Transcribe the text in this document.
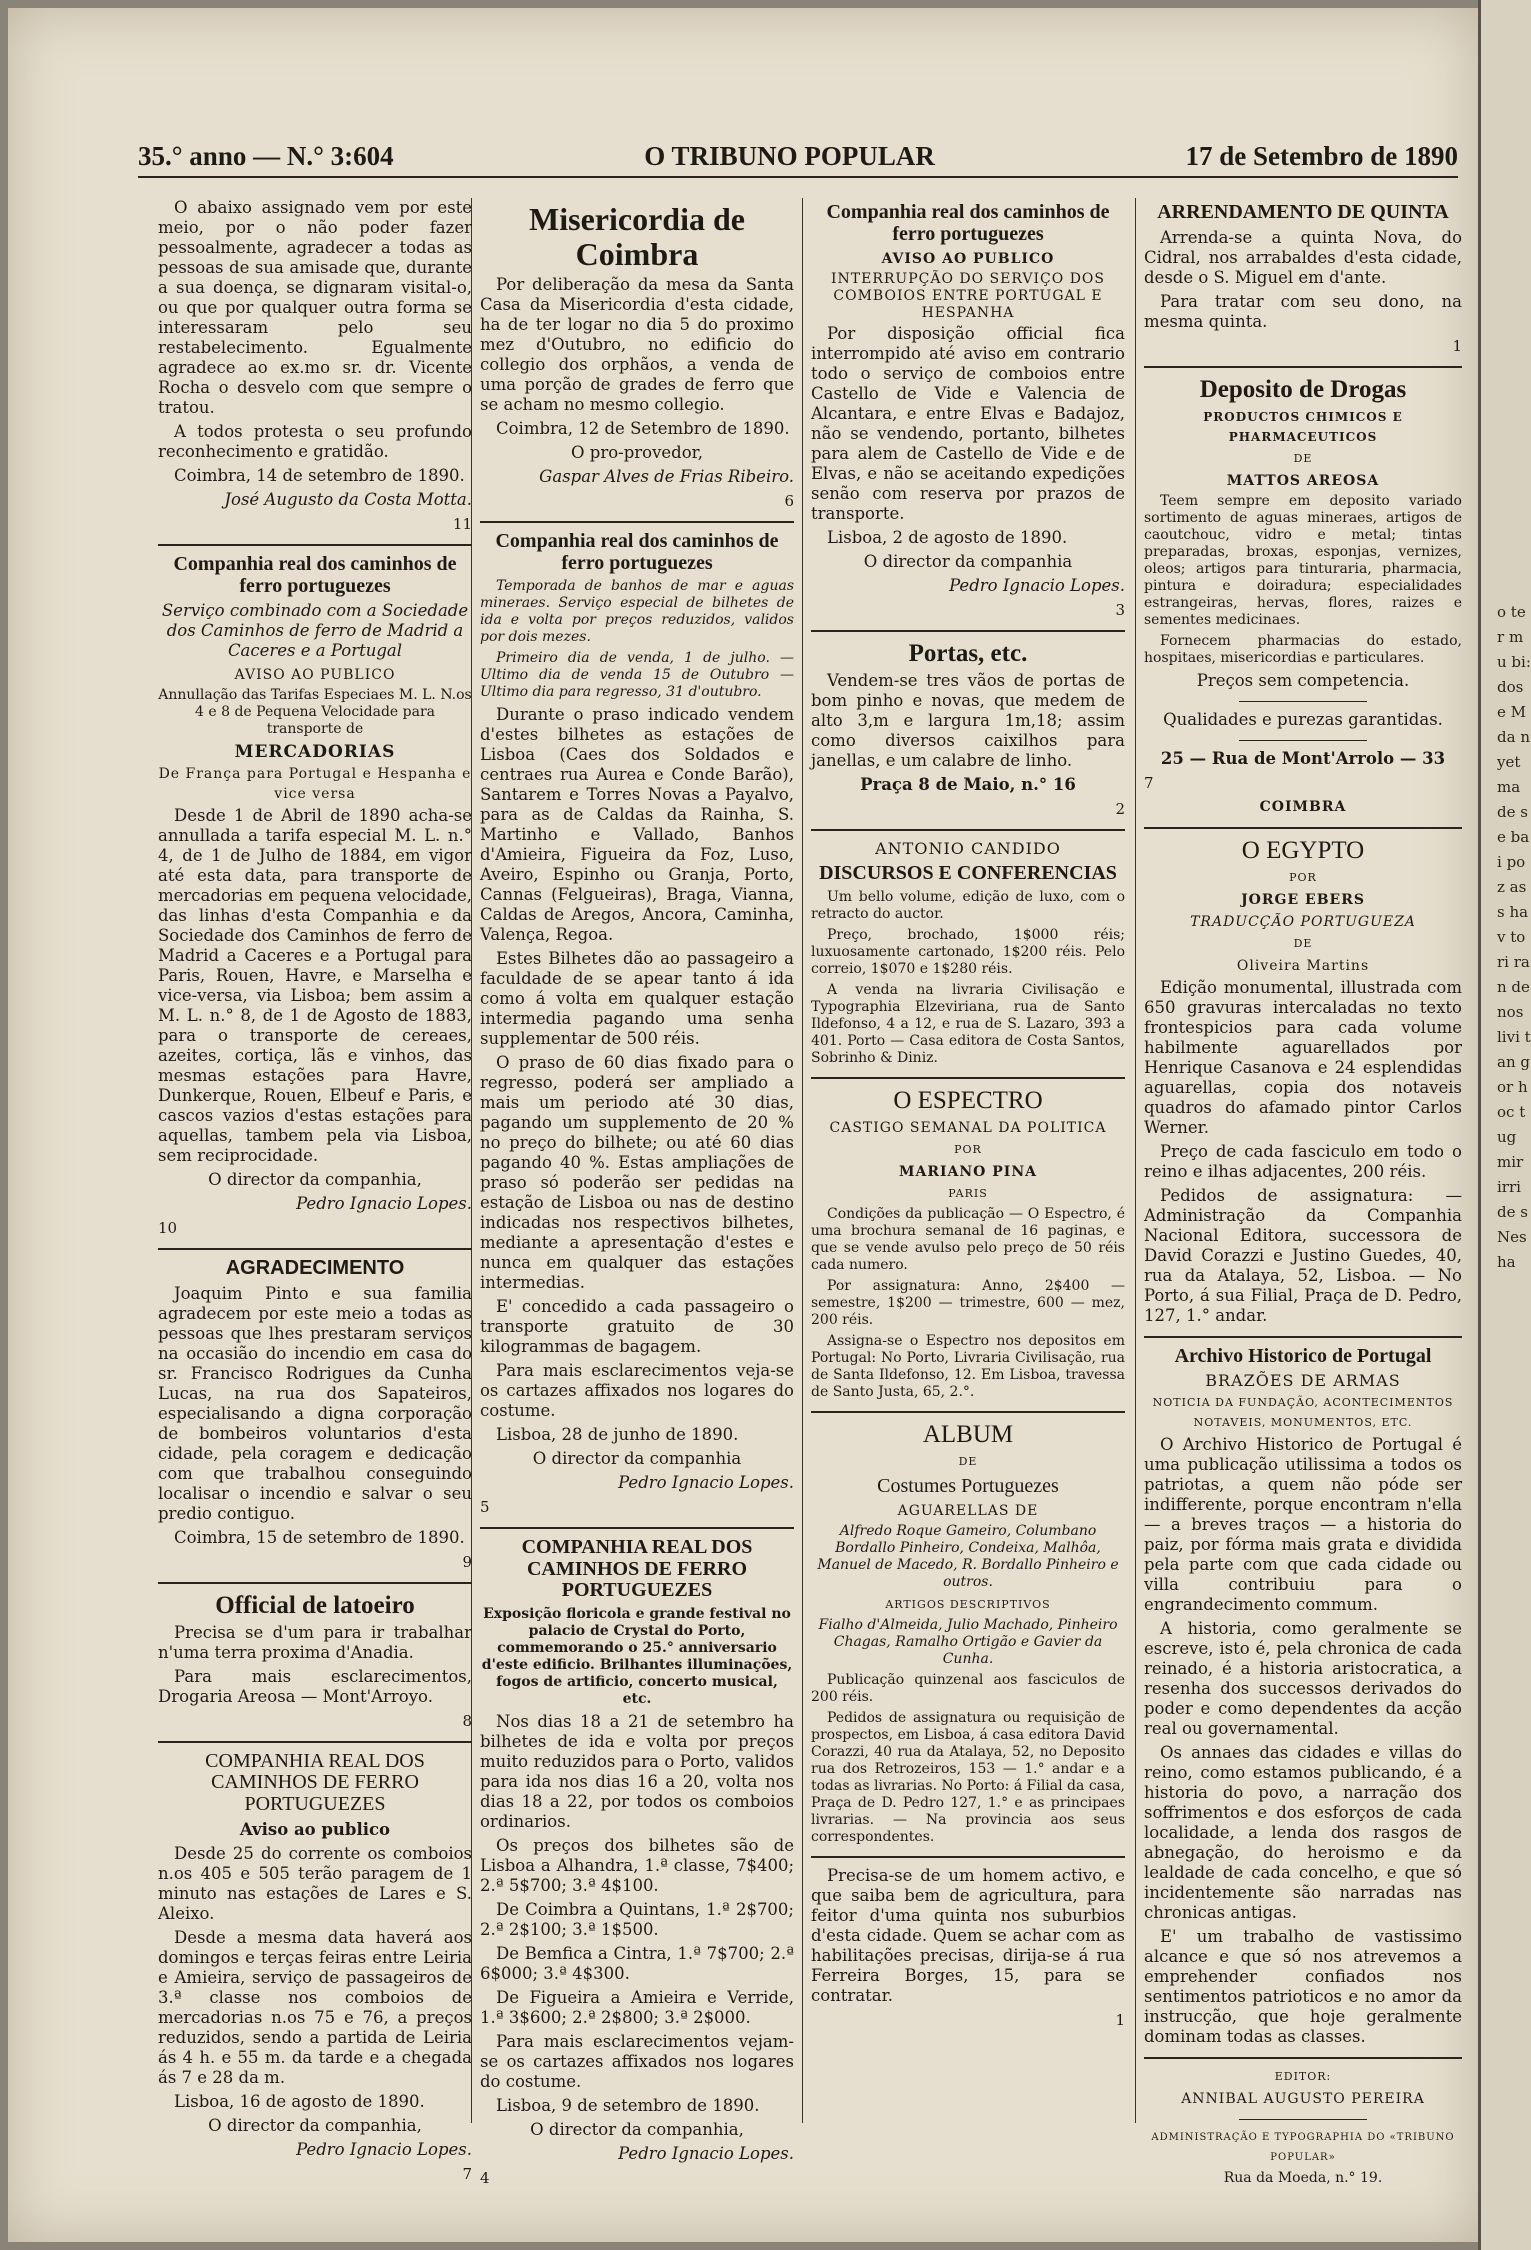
35.° anno — N.° 3:604	O TRIBUNO POPULAR	17 de Setembro de 1890

O abaixo assignado vem por este meio, por o não poder fazer pessoalmente, agradecer a todas as pessoas de sua amisade que, durante a sua doença, se dignaram visital-o, ou que por qualquer outra forma se interessaram pelo seu restabelecimento. Egualmente agradece ao ex.mo sr. dr. Vicente Rocha o desvelo com que sempre o tratou.

A todos protesta o seu profundo reconhecimento e gratidão.

Coimbra, 14 de setembro de 1890.

José Augusto da Costa Motta.

11

Companhia real dos caminhos de ferro portuguezes

Serviço combinado com a Sociedade dos Caminhos de ferro de Madrid a Caceres e a Portugal

AVISO AO PUBLICO

Annullação das Tarifas Especiaes M. L. N.os 4 e 8 de Pequena Velocidade para transporte de

MERCADORIAS

De França para Portugal e Hespanha e vice versa

Desde 1 de Abril de 1890 acha-se annullada a tarifa especial M. L. n.° 4, de 1 de Julho de 1884, em vigor até esta data, para transporte de mercadorias em pequena velocidade, das linhas d'esta Companhia e da Sociedade dos Caminhos de ferro de Madrid a Caceres e a Portugal para Paris, Rouen, Havre, e Marselha e vice-versa, via Lisboa; bem assim a M. L. n.° 8, de 1 de Agosto de 1883, para o transporte de cereaes, azeites, cortiça, lãs e vinhos, das mesmas estações para Havre, Dunkerque, Rouen, Elbeuf e Paris, e cascos vazios d'estas estações para aquellas, tambem pela via Lisboa, sem reciprocidade.

O director da companhia,

Pedro Ignacio Lopes.

10

AGRADECIMENTO

Joaquim Pinto e sua familia agradecem por este meio a todas as pessoas que lhes prestaram serviços na occasião do incendio em casa do sr. Francisco Rodrigues da Cunha Lucas, na rua dos Sapateiros, especialisando a digna corporação de bombeiros voluntarios d'esta cidade, pela coragem e dedicação com que trabalhou conseguindo localisar o incendio e salvar o seu predio contiguo.

Coimbra, 15 de setembro de 1890.

9

Official de latoeiro

Precisa se d'um para ir trabalhar n'uma terra proxima d'Anadia.

Para mais esclarecimentos, Drogaria Areosa — Mont'Arroyo.

8

COMPANHIA REAL DOS CAMINHOS DE FERRO PORTUGUEZES

Aviso ao publico

Desde 25 do corrente os comboios n.os 405 e 505 terão paragem de 1 minuto nas estações de Lares e S. Aleixo.

Desde a mesma data haverá aos domingos e terças feiras entre Leiria e Amieira, serviço de passageiros de 3.ª classe nos comboios de mercadorias n.os 75 e 76, a preços reduzidos, sendo a partida de Leiria ás 4 h. e 55 m. da tarde e a chegada ás 7 e 28 da m.

Lisboa, 16 de agosto de 1890.

O director da companhia,

Pedro Ignacio Lopes.

7

Misericordia de Coimbra

Por deliberação da mesa da Santa Casa da Misericordia d'esta cidade, ha de ter logar no dia 5 do proximo mez d'Outubro, no edificio do collegio dos orphãos, a venda de uma porção de grades de ferro que se acham no mesmo collegio.

Coimbra, 12 de Setembro de 1890.

O pro-provedor,

Gaspar Alves de Frias Ribeiro.

6

Companhia real dos caminhos de ferro portuguezes

Temporada de banhos de mar e aguas mineraes. Serviço especial de bilhetes de ida e volta por preços reduzidos, validos por dois mezes.

Primeiro dia de venda, 1 de julho. — Ultimo dia de venda 15 de Outubro — Ultimo dia para regresso, 31 d'outubro.

Durante o praso indicado vendem d'estes bilhetes as estações de Lisboa (Caes dos Soldados e centraes rua Aurea e Conde Barão), Santarem e Torres Novas a Payalvo, para as de Caldas da Rainha, S. Martinho e Vallado, Banhos d'Amieira, Figueira da Foz, Luso, Aveiro, Espinho ou Granja, Porto, Cannas (Felgueiras), Braga, Vianna, Caldas de Aregos, Ancora, Caminha, Valença, Regoa.

Estes Bilhetes dão ao passageiro a faculdade de se apear tanto á ida como á volta em qualquer estação intermedia pagando uma senha supplementar de 500 réis.

O praso de 60 dias fixado para o regresso, poderá ser ampliado a mais um periodo até 30 dias, pagando um supplemento de 20 % no preço do bilhete; ou até 60 dias pagando 40 %. Estas ampliações de praso só poderão ser pedidas na estação de Lisboa ou nas de destino indicadas nos respectivos bilhetes, mediante a apresentação d'estes e nunca em qualquer das estações intermedias.

E' concedido a cada passageiro o transporte gratuito de 30 kilogrammas de bagagem.

Para mais esclarecimentos veja-se os cartazes affixados nos logares do costume.

Lisboa, 28 de junho de 1890.

O director da companhia

Pedro Ignacio Lopes.

5

COMPANHIA REAL DOS CAMINHOS DE FERRO PORTUGUEZES

Exposição floricola e grande festival no palacio de Crystal do Porto, commemorando o 25.° anniversario d'este edificio. Brilhantes illuminações, fogos de artificio, concerto musical, etc.

Nos dias 18 a 21 de setembro ha bilhetes de ida e volta por preços muito reduzidos para o Porto, validos para ida nos dias 16 a 20, volta nos dias 18 a 22, por todos os comboios ordinarios.

Os preços dos bilhetes são de Lisboa a Alhandra, 1.ª classe, 7$400; 2.ª 5$700; 3.ª 4$100.

De Coimbra a Quintans, 1.ª 2$700; 2.ª 2$100; 3.ª 1$500.

De Bemfica a Cintra, 1.ª 7$700; 2.ª 6$000; 3.ª 4$300.

De Figueira a Amieira e Verride, 1.ª 3$600; 2.ª 2$800; 3.ª 2$000.

Para mais esclarecimentos vejam-se os cartazes affixados nos logares do costume.

Lisboa, 9 de setembro de 1890.

O director da companhia,

Pedro Ignacio Lopes.

4

Companhia real dos caminhos de ferro portuguezes

AVISO AO PUBLICO

INTERRUPÇÃO DO SERVIÇO DOS COMBOIOS ENTRE PORTUGAL E HESPANHA

Por disposição official fica interrompido até aviso em contrario todo o serviço de comboios entre Castello de Vide e Valencia de Alcantara, e entre Elvas e Badajoz, não se vendendo, portanto, bilhetes para alem de Castello de Vide e de Elvas, e não se aceitando expedições senão com reserva por prazos de transporte.

Lisboa, 2 de agosto de 1890.

O director da companhia

Pedro Ignacio Lopes.

3

Portas, etc.

Vendem-se tres vãos de portas de bom pinho e novas, que medem de alto 3,m e largura 1m,18; assim como diversos caixilhos para janellas, e um calabre de linho.

Praça 8 de Maio, n.° 16

2

ANTONIO CANDIDO

DISCURSOS E CONFERENCIAS

Um bello volume, edição de luxo, com o retracto do auctor.

Preço, brochado, 1$000 réis; luxuosamente cartonado, 1$200 réis. Pelo correio, 1$070 e 1$280 réis.

A venda na livraria Civilisação e Typographia Elzeviriana, rua de Santo Ildefonso, 4 a 12, e rua de S. Lazaro, 393 a 401. Porto — Casa editora de Costa Santos, Sobrinho & Diniz.

O ESPECTRO

CASTIGO SEMANAL DA POLITICA

POR

MARIANO PINA

PARIS

Condições da publicação — O Espectro, é uma brochura semanal de 16 paginas, e que se vende avulso pelo preço de 50 réis cada numero.

Por assignatura: Anno, 2$400 — semestre, 1$200 — trimestre, 600 — mez, 200 réis.

Assigna-se o Espectro nos depositos em Portugal: No Porto, Livraria Civilisação, rua de Santa Ildefonso, 12. Em Lisboa, travessa de Santo Justa, 65, 2.°.

ALBUM

DE

Costumes Portuguezes

AGUARELLAS DE

Alfredo Roque Gameiro, Columbano Bordallo Pinheiro, Condeixa, Malhôa, Manuel de Macedo, R. Bordallo Pinheiro e outros.

ARTIGOS DESCRIPTIVOS

Fialho d'Almeida, Julio Machado, Pinheiro Chagas, Ramalho Ortigão e Gavier da Cunha.

Publicação quinzenal aos fasciculos de 200 réis.

Pedidos de assignatura ou requisição de prospectos, em Lisboa, á casa editora David Corazzi, 40 rua da Atalaya, 52, no Deposito rua dos Retrozeiros, 153 — 1.° andar e a todas as livrarias. No Porto: á Filial da casa, Praça de D. Pedro 127, 1.° e as principaes livrarias. — Na provincia aos seus correspondentes.

Precisa-se de um homem activo, e que saiba bem de agricultura, para feitor d'uma quinta nos suburbios d'esta cidade. Quem se achar com as habilitações precisas, dirija-se á rua Ferreira Borges, 15, para se contratar.

1

ARRENDAMENTO DE QUINTA

Arrenda-se a quinta Nova, do Cidral, nos arrabaldes d'esta cidade, desde o S. Miguel em d'ante.

Para tratar com seu dono, na mesma quinta.

1

Deposito de Drogas

PRODUCTOS CHIMICOS E PHARMACEUTICOS

DE

MATTOS AREOSA

Teem sempre em deposito variado sortimento de aguas mineraes, artigos de caoutchouc, vidro e metal; tintas preparadas, broxas, esponjas, vernizes, oleos; artigos para tinturaria, pharmacia, pintura e doiradura; especialidades estrangeiras, hervas, flores, raizes e sementes medicinaes.

Fornecem pharmacias do estado, hospitaes, misericordias e particulares.

Preços sem competencia.

Qualidades e purezas garantidas.

25 — Rua de Mont'Arrolo — 33

7

COIMBRA

O EGYPTO

POR

JORGE EBERS

TRADUCÇÃO PORTUGUEZA

DE

Oliveira Martins

Edição monumental, illustrada com 650 gravuras intercaladas no texto frontespicios para cada volume habilmente aguarellados por Henrique Casanova e 24 esplendidas aguarellas, copia dos notaveis quadros do afamado pintor Carlos Werner.

Preço de cada fasciculo em todo o reino e ilhas adjacentes, 200 réis.

Pedidos de assignatura: — Administração da Companhia Nacional Editora, successora de David Corazzi e Justino Guedes, 40, rua da Atalaya, 52, Lisboa. — No Porto, á sua Filial, Praça de D. Pedro, 127, 1.° andar.

Archivo Historico de Portugal

BRAZÕES DE ARMAS

NOTICIA DA FUNDAÇÃO, ACONTECIMENTOS NOTAVEIS, MONUMENTOS, ETC.

O Archivo Historico de Portugal é uma publicação utilissima a todos os patriotas, a quem não póde ser indifferente, porque encontram n'ella — a breves traços — a historia do paiz, por fórma mais grata e dividida pela parte com que cada cidade ou villa contribuiu para o engrandecimento commum.

A historia, como geralmente se escreve, isto é, pela chronica de cada reinado, é a historia aristocratica, a resenha dos successos derivados do poder e como dependentes da acção real ou governamental.

Os annaes das cidades e villas do reino, como estamos publicando, é a historia do povo, a narração dos soffrimentos e dos esforços de cada localidade, a lenda dos rasgos de abnegação, do heroismo e da lealdade de cada concelho, e que só incidentemente são narradas nas chronicas antigas.

E' um trabalho de vastissimo alcance e que só nos atrevemos a emprehender confiados nos sentimentos patrioticos e no amor da instrucção, que hoje geralmente dominam todas as classes.

EDITOR:

ANNIBAL AUGUSTO PEREIRA

ADMINISTRAÇÃO E TYPOGRAPHIA DO «TRIBUNO POPULAR»

Rua da Moeda, n.° 19.

o ter mu bi: dos e M da n yet ma de se bai poz ass hav tori ran de nos livi tan gor hoc tug mir irri de s Nes ha
